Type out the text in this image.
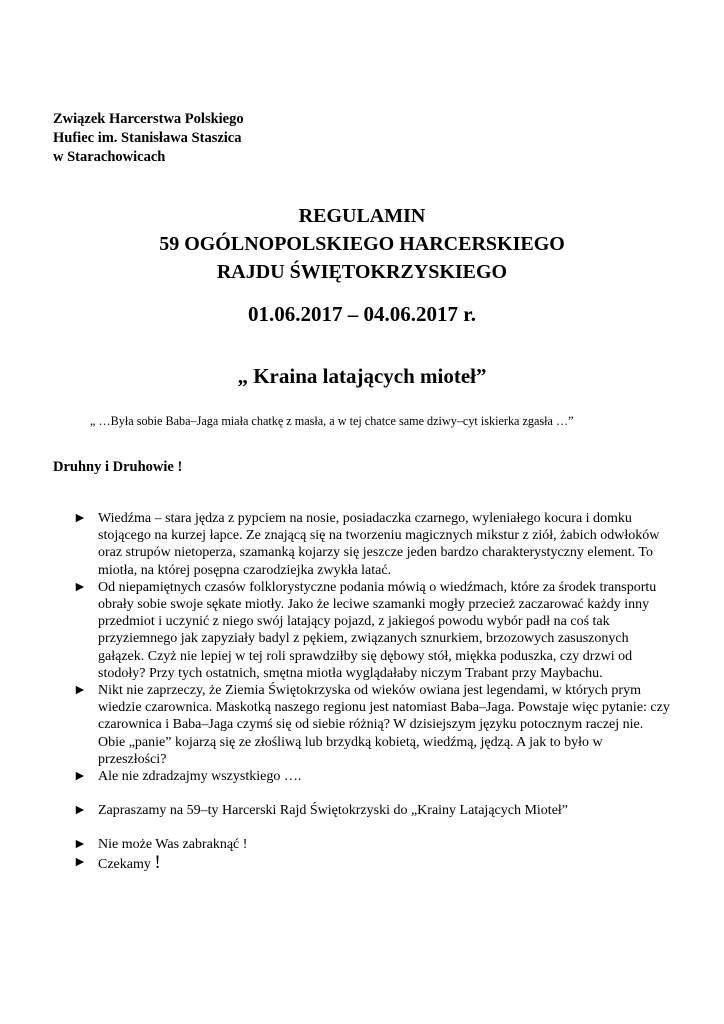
Związek Harcerstwa Polskiego
Hufiec im. Stanisława Staszica
w Starachowicach
REGULAMIN
59 OGÓLNOPOLSKIEGO HARCERSKIEGO
RAJDU ŚWIĘTOKRZYSKIEGO
01.06.2017 – 04.06.2017 r.
„ Kraina latających mioteł”
„ …Była sobie Baba–Jaga miała chatkę z masła, a w tej chatce same dziwy–cyt iskierka zgasła …”
Druhny i Druhowie !
► Wiedźma – stara jędza z pypciem na nosie, posiadaczka czarnego, wyleniałego kocura i domku stojącego na kurzej łapce. Ze znającą się na tworzeniu magicznych mikstur z ziół, żabich odwłoków oraz strupów nietoperza, szamanką kojarzy się jeszcze jeden bardzo charakterystyczny element. To miotła, na której posępna czarodziejka zwykła latać.
► Od niepamiętnych czasów folklorystyczne podania mówią o wiedźmach, które za środek transportu obrały sobie swoje sękate miotły. Jako że leciwe szamanki mogły przecież zaczarować każdy inny przedmiot i uczynić z niego swój latający pojazd, z jakiegoś powodu wybór padł na coś tak przyziemnego jak zapyziały badyl z pękiem, związanych sznurkiem, brzozowych zasuszonych gałązek. Czyż nie lepiej w tej roli sprawdziłby się dębowy stół, miękka poduszka, czy drzwi od stodoły? Przy tych ostatnich, smętna miotła wyglądałaby niczym Trabant przy Maybachu.
► Nikt nie zaprzeczy, że Ziemia Świętokrzyska od wieków owiana jest legendami, w których prym wiedzie czarownica. Maskotką naszego regionu jest natomiast Baba–Jaga. Powstaje więc pytanie: czy czarownica i Baba–Jaga czymś się od siebie różnią? W dzisiejszym języku potocznym raczej nie. Obie „panie” kojarzą się ze złośliwą lub brzydką kobietą, wiedźmą, jędzą. A jak to było w przeszłości?
► Ale nie zdradzajmy wszystkiego ….
► Zapraszamy na 59–ty Harcerski Rajd Świętokrzyski do „Krainy Latających Mioteł”
► Nie może Was zabraknąć !
► Czekamy !
